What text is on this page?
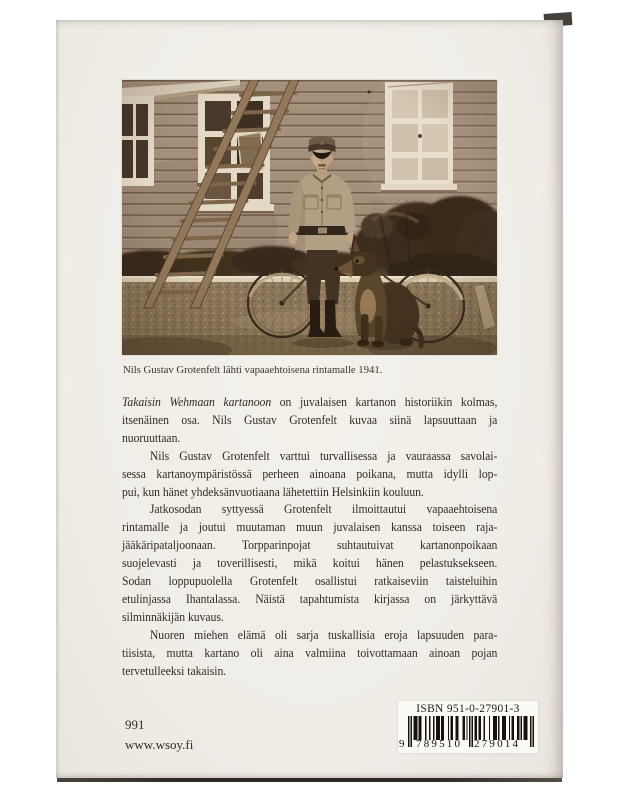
Nils Gustav Grotenfelt lähti vapaaehtoisena rintamalle 1941.
Takaisin Wehmaan kartanoon on juvalaisen kartanon historiikin kolmas,
itsenäinen osa. Nils Gustav Grotenfelt kuvaa siinä lapsuuttaan ja
nuoruuttaan.
Nils Gustav Grotenfelt varttui turvallisessa ja vauraassa savolai-
sessa kartanoympäristössä perheen ainoana poikana, mutta idylli lop-
pui, kun hänet yhdeksänvuotiaana lähetettiin Helsinkiin kouluun.
Jatkosodan syttyessä Grotenfelt ilmoittautui vapaaehtoisena
rintamalle ja joutui muutaman muun juvalaisen kanssa toiseen raja-
jääkäripataljoonaan. Torpparinpojat suhtautuivat kartanonpoikaan
suojelevasti ja toverillisesti, mikä koitui hänen pelastuksekseen.
Sodan loppupuolella Grotenfelt osallistui ratkaiseviin taisteluihin
etulinjassa Ihantalassa. Näistä tapahtumista kirjassa on järkyttävä
silminnäkijän kuvaus.
Nuoren miehen elämä oli sarja tuskallisia eroja lapsuuden para-
tiisista, mutta kartano oli aina valmiina toivottamaan ainoan pojan
tervetulleeksi takaisin.
991
www.wsoy.fi
ISBN 951-0-27901-3
9 789510 279014
